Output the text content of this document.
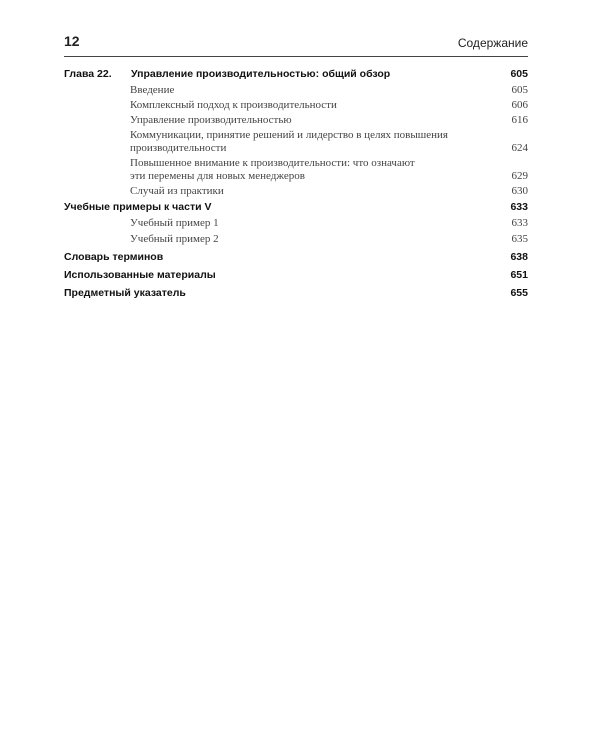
12	Содержание
Глава 22.	Управление производительностью: общий обзор	605
Введение	605
Комплексный подход к производительности	606
Управление производительностью	616
Коммуникации, принятие решений и лидерство в целях повышения производительности	624
Повышенное внимание к производительности: что означают эти перемены для новых менеджеров	629
Случай из практики	630
Учебные примеры к части V	633
Учебный пример 1	633
Учебный пример 2	635
Словарь терминов	638
Использованные материалы	651
Предметный указатель	655
